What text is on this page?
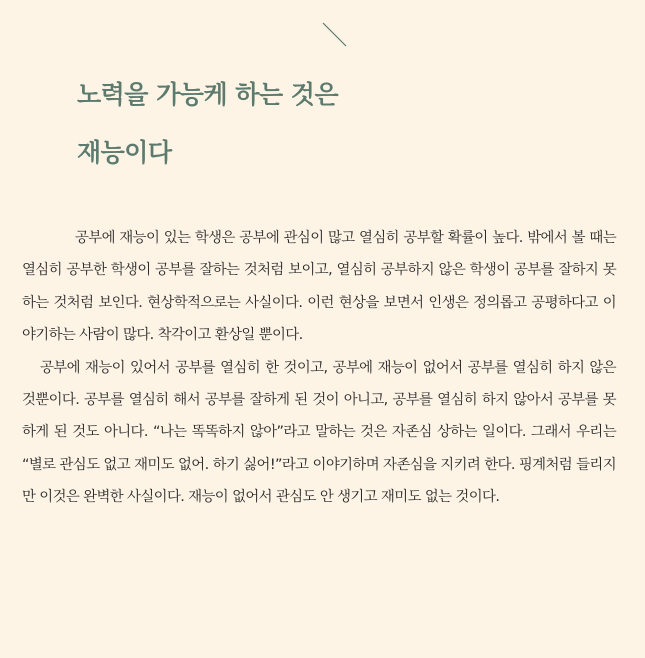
노력을 가능케 하는 것은
재능이다

공부에 재능이 있는 학생은 공부에 관심이 많고 열심히 공부할 확률이 높다. 밖에서 볼 때는 열심히 공부한 학생이 공부를 잘하는 것처럼 보이고, 열심히 공부하지 않은 학생이 공부를 잘하지 못하는 것처럼 보인다. 현상학적으로는 사실이다. 이런 현상을 보면서 인생은 정의롭고 공평하다고 이야기하는 사람이 많다. 착각이고 환상일 뿐이다.

공부에 재능이 있어서 공부를 열심히 한 것이고, 공부에 재능이 없어서 공부를 열심히 하지 않은 것뿐이다. 공부를 열심히 해서 공부를 잘하게 된 것이 아니고, 공부를 열심히 하지 않아서 공부를 못하게 된 것도 아니다. “나는 똑똑하지 않아”라고 말하는 것은 자존심 상하는 일이다. 그래서 우리는 “별로 관심도 없고 재미도 없어. 하기 싫어!”라고 이야기하며 자존심을 지키려 한다. 핑계처럼 들리지만 이것은 완벽한 사실이다. 재능이 없어서 관심도 안 생기고 재미도 없는 것이다.
